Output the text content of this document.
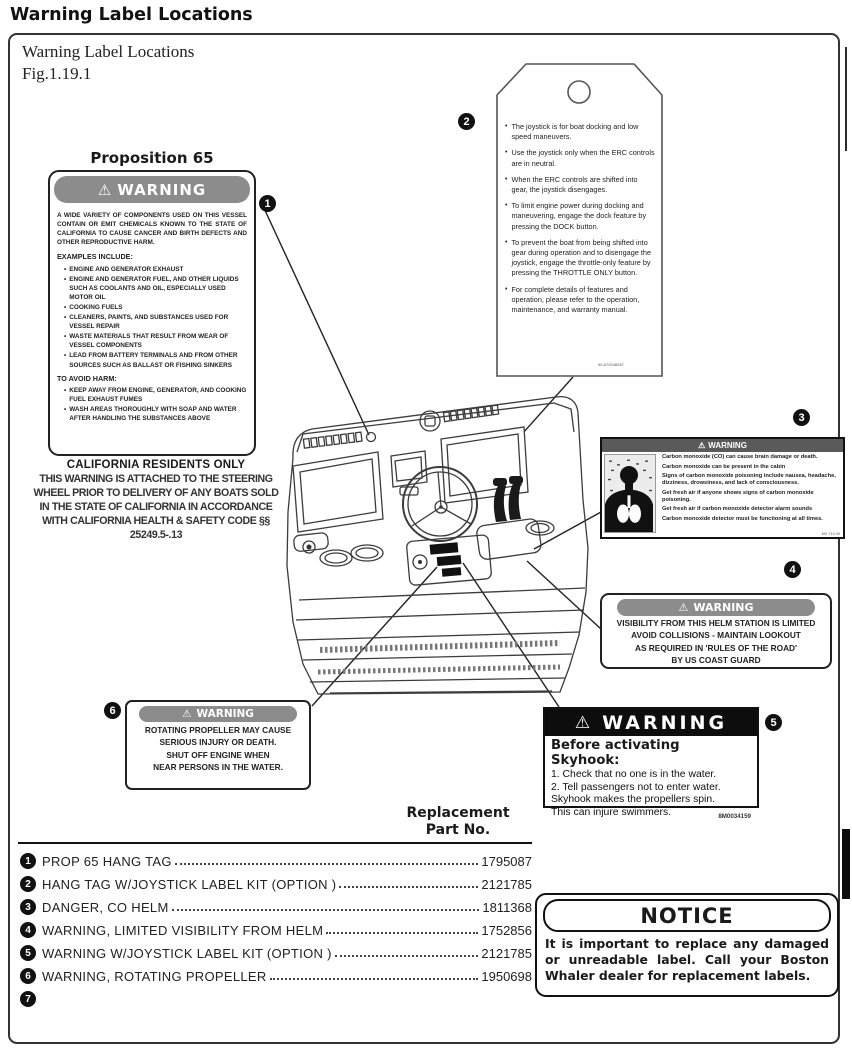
Warning Label Locations
Warning Label Locations
Fig.1.19.1
Proposition 65
⚠ WARNING

A WIDE VARIETY OF COMPONENTS USED ON THIS VESSEL CONTAIN OR EMIT CHEMICALS KNOWN TO THE STATE OF CALIFORNIA TO CAUSE CANCER AND BIRTH DEFECTS AND OTHER REPRODUCTIVE HARM.

EXAMPLES INCLUDE:
• ENGINE AND GENERATOR EXHAUST
• ENGINE AND GENERATOR FUEL, AND OTHER LIQUIDS SUCH AS COOLANTS AND OIL, ESPECIALLY USED MOTOR OIL
• COOKING FUELS
• CLEANERS, PAINTS, AND SUBSTANCES USED FOR VESSEL REPAIR
• WASTE MATERIALS THAT RESULT FROM WEAR OF VESSEL COMPONENTS
• LEAD FROM BATTERY TERMINALS AND FROM OTHER SOURCES SUCH AS BALLAST OR FISHING SINKERS
TO AVOID HARM:
• KEEP AWAY FROM ENGINE, GENERATOR, AND COOKING FUEL EXHAUST FUMES
• WASH AREAS THOROUGHLY WITH SOAP AND WATER AFTER HANDLING THE SUBSTANCES ABOVE
CALIFORNIA RESIDENTS ONLY
THIS WARNING IS ATTACHED TO THE STEERING WHEEL PRIOR TO DELIVERY OF ANY BOATS SOLD IN THE STATE OF CALIFORNIA IN ACCORDANCE WITH CALIFORNIA HEALTH & SAFETY CODE §§ 25249.5-.13
• The joystick is for boat docking and low speed maneuvers.
• Use the joystick only when the ERC controls are in neutral.
• When the ERC controls are shifted into gear, the joystick disengages.
• To limit engine power during docking and maneuvering, engage the dock feature by pressing the DOCK button.
• To prevent the boat from being shifted into gear during operation and to disengage the joystick, engage the throttle-only feature by pressing the THROTTLE ONLY button.
• For complete details of features and operation, please refer to the operation, maintenance, and warranty manual.
90-879248287
⚠ WARNING
Carbon monoxide (CO) can cause brain damage or death.
Carbon monoxide can be present in the cabin
Signs of carbon monoxide poisoning include nausea, headache, dizziness, drowsiness, and lack of consciousness.
Get fresh air if anyone shows signs of carbon monoxide poisoning.
Get fresh air if carbon monoxide detector alarm sounds
Carbon monoxide detector must be functioning at all times.
MV 710 40
⚠ WARNING
VISIBILITY FROM THIS HELM STATION IS LIMITED
AVOID COLLISIONS - MAINTAIN LOOKOUT
AS REQUIRED IN 'RULES OF THE ROAD'
BY US COAST GUARD
⚠ WARNING
Before activating Skyhook:
1. Check that no one is in the water.
2. Tell passengers not to enter water.
Skyhook makes the propellers spin.
This can injure swimmers.	8M0034159
⚠ WARNING
ROTATING PROPELLER MAY CAUSE
SERIOUS INJURY OR DEATH.
SHUT OFF ENGINE WHEN
NEAR PERSONS IN THE WATER.
1
2
3
4
5
6
Replacement
Part No.
1 PROP 65 HANG TAG	1795087
2 HANG TAG W/JOYSTICK LABEL KIT (OPTION )	2121785
3 DANGER, CO HELM	1811368
4 WARNING, LIMITED VISIBILITY FROM HELM	1752856
5 WARNING W/JOYSTICK LABEL KIT (OPTION )	2121785
6 WARNING, ROTATING PROPELLER	1950698
7
NOTICE
It is important to replace any damaged or unreadable label. Call your Boston Whaler dealer for replacement labels.
